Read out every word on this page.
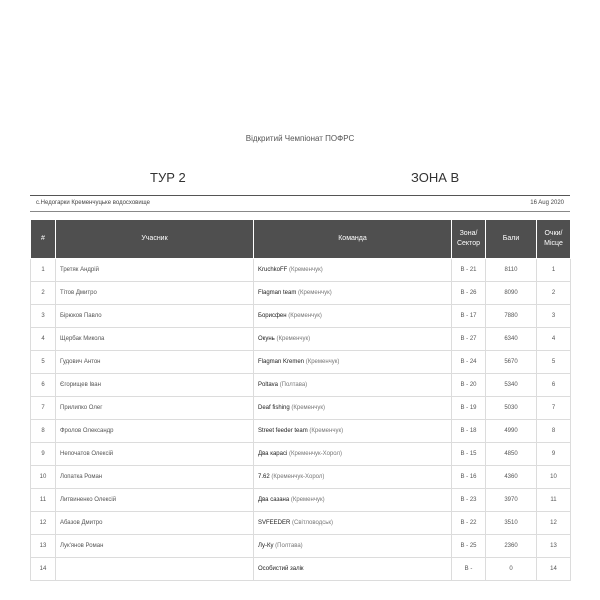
Відкритий Чемпіонат ПОФРС
ТУР 2	ЗОНА В
с.Недогарки Кременчуцьке водосховище	16 Aug 2020
#	Учасник	Команда	Зона/ Сектор	Бали	Очки/ Місце
1	Третяк Андрій	KruchkoFF (Кременчук)	В - 21	8110	1
2	Тітов Дмитро	Flagman team (Кременчук)	В - 26	8090	2
3	Бірюков Павло	Борисфен (Кременчук)	В - 17	7880	3
4	Щербак Микола	Окунь (Кременчук)	В - 27	6340	4
5	Гудович Антон	Flagman Kremen (Кременчук)	В - 24	5670	5
6	Єгорищев Іван	Poltava (Полтава)	В - 20	5340	6
7	Прилипко Олег	Deaf fishing (Кременчук)	В - 19	5030	7
8	Фролов Олександр	Street feeder team (Кременчук)	В - 18	4990	8
9	Непочатов Олексій	Два карасі (Кременчук-Хорол)	В - 15	4850	9
10	Лопатка Роман	7.62 (Кременчук-Хорол)	В - 16	4360	10
11	Литвиненко Олексій	Два сазана (Кременчук)	В - 23	3970	11
12	Абазов Дмитро	SVFEEDER (Світловодськ)	В - 22	3510	12
13	Лук'янов Роман	Лу-Ку (Полтава)	В - 25	2360	13
14		Особистий залік	В -	0	14
